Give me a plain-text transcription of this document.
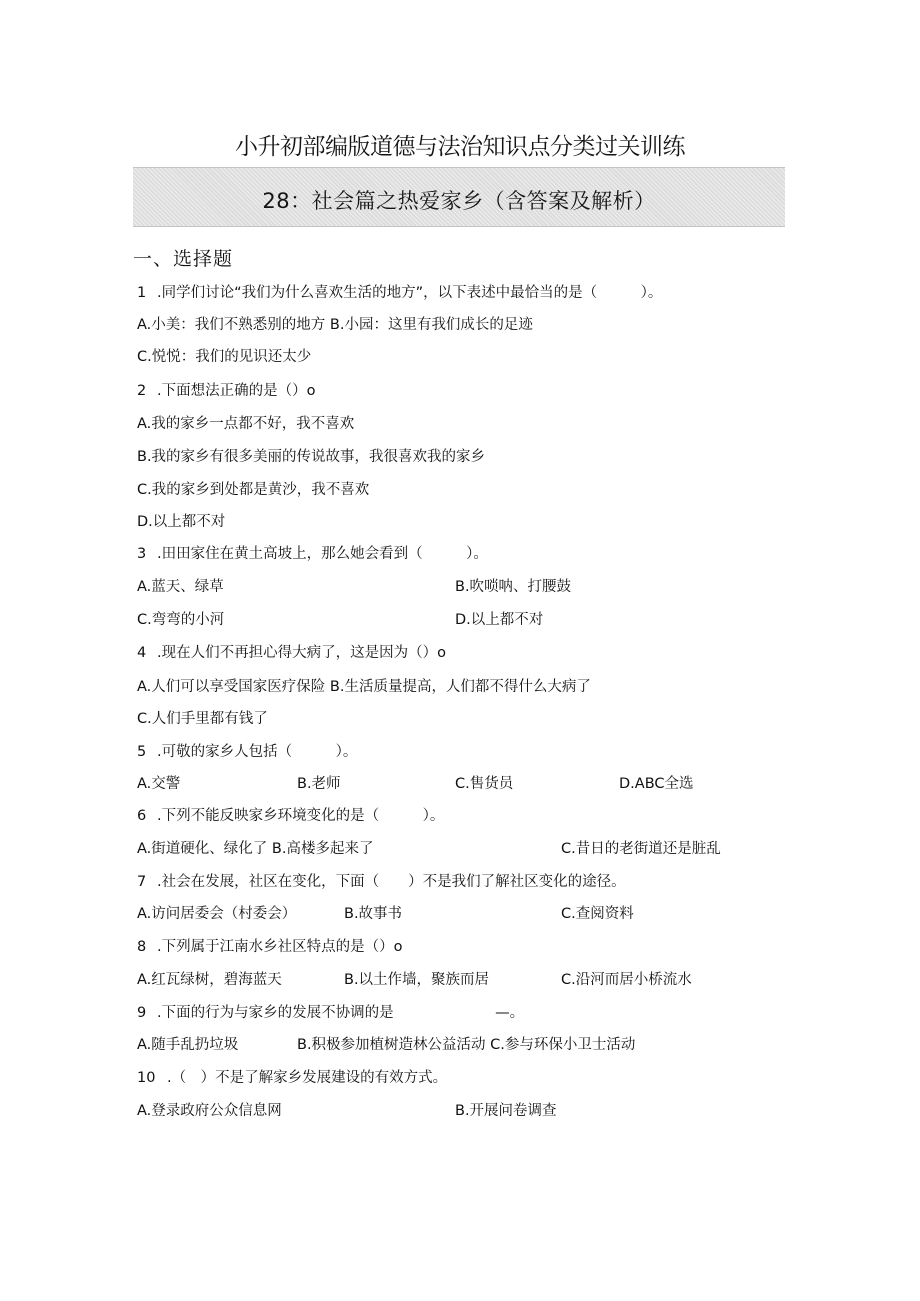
小升初部编版道德与法治知识点分类过关训练
28：社会篇之热爱家乡（含答案及解析）
一、选择题
1 .同学们讨论“我们为什么喜欢生活的地方”，以下表述中最恰当的是（　　　）。
A.小美：我们不熟悉别的地方 B.小园：这里有我们成长的足迹
C.悦悦：我们的见识还太少
2 .下面想法正确的是（）o
A.我的家乡一点都不好，我不喜欢
B.我的家乡有很多美丽的传说故事，我很喜欢我的家乡
C.我的家乡到处都是黄沙，我不喜欢
D.以上都不对
3 .田田家住在黄土高坡上，那么她会看到（　　　）。
A.蓝天、绿草	B.吹唢呐、打腰鼓
C.弯弯的小河	D.以上都不对
4 .现在人们不再担心得大病了，这是因为（）o
A.人们可以享受国家医疗保险 B.生活质量提高，人们都不得什么大病了
C.人们手里都有钱了
5 .可敬的家乡人包括（　　　）。
A.交警	B.老师	C.售货员	D.ABC全选
6 .下列不能反映家乡环境变化的是（　　　）。
A.街道硬化、绿化了 B.高楼多起来了	C.昔日的老街道还是脏乱
7 .社会在发展，社区在变化，下面（　　）不是我们了解社区变化的途径。
A.访问居委会（村委会）	B.故事书	C.查阅资料
8 .下列属于江南水乡社区特点的是（）o
A.红瓦绿树，碧海蓝天	B.以土作墙，聚族而居	C.沿河而居小桥流水
9 .下面的行为与家乡的发展不协调的是　　　　　　　—。
A.随手乱扔垃圾	B.积极参加植树造林公益活动 C.参与环保小卫士活动
10 .（　）不是了解家乡发展建设的有效方式。
A.登录政府公众信息网	B.开展问卷调查
